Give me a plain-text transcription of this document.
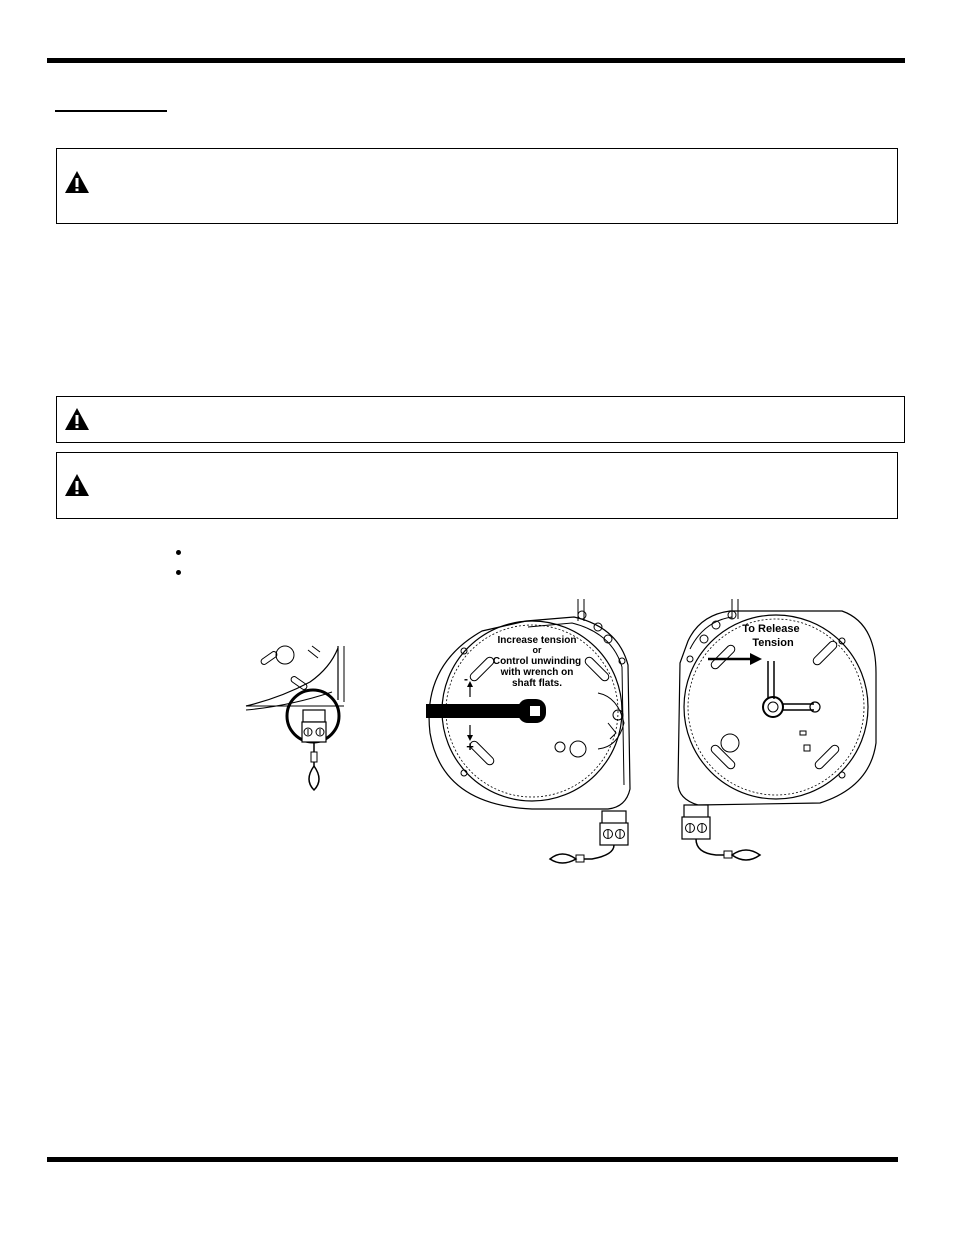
Increase tension
or
Control unwinding
with wrench on
shaft flats.
-
+
To Release
Tension
